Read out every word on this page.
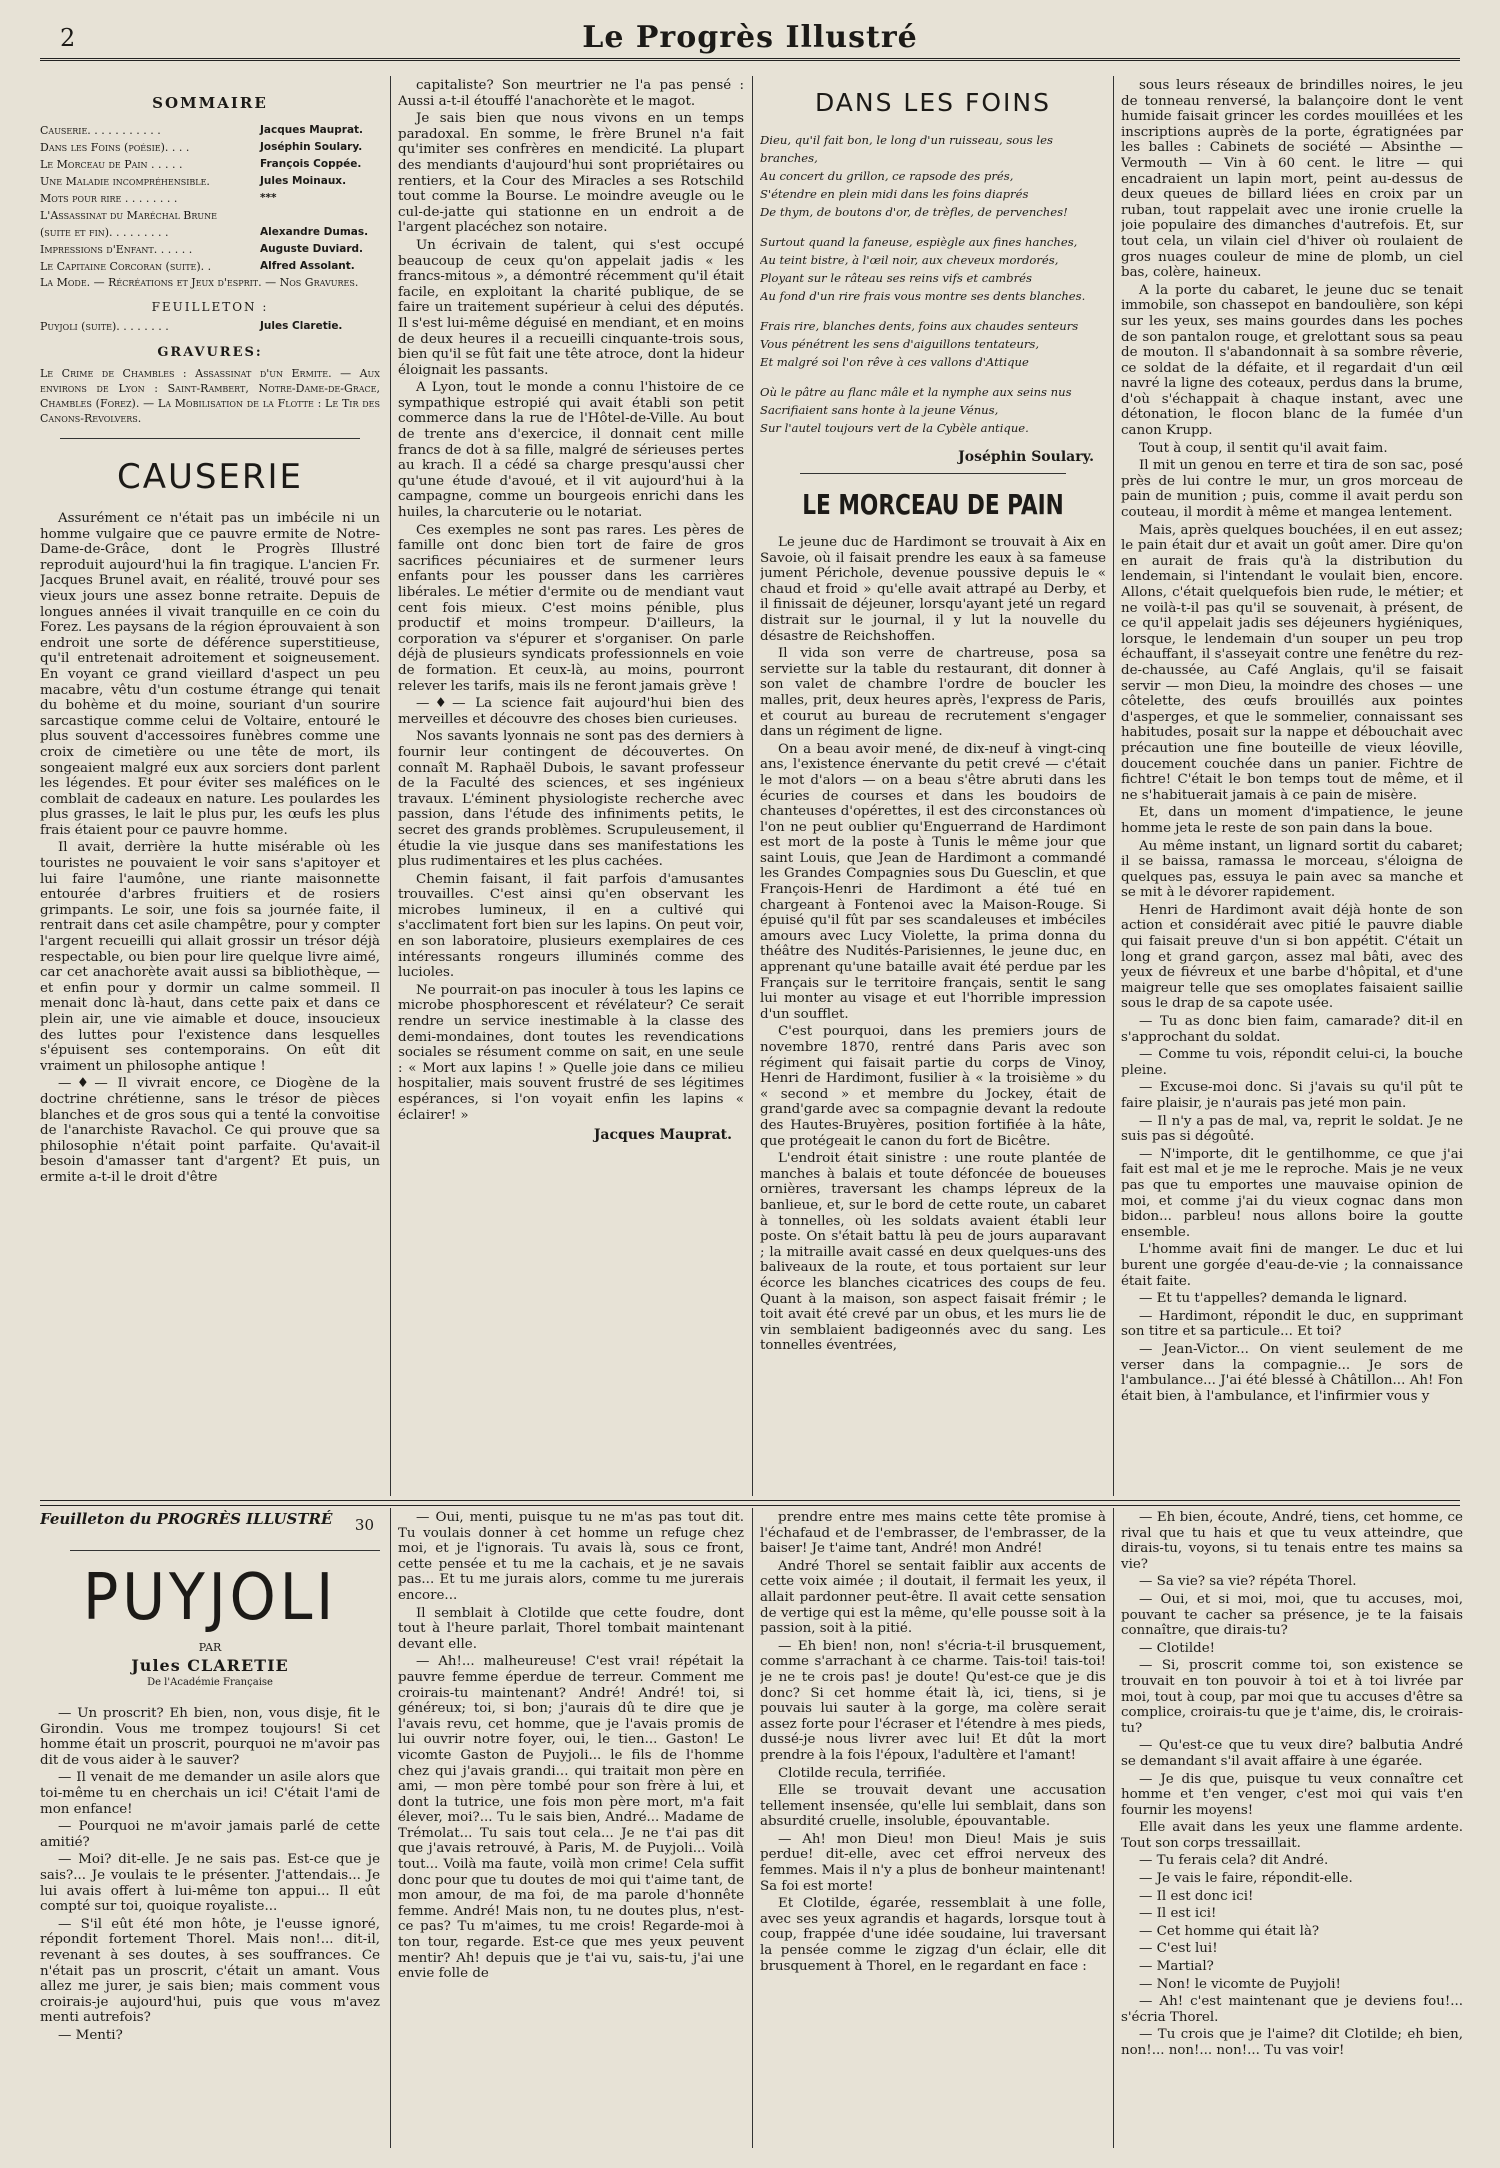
2	Le Progrès Illustré
SOMMAIRE
Causerie. . . . . . . . . . .	Jacques Mauprat.
Dans les Foins (poésie). . . .	Joséphin Soulary.
Le Morceau de Pain . . . . .	François Coppée.
Une Maladie incompréhensible.	Jules Moinaux.
Mots pour rire . . . . . . . .	***
L'Assassinat du Maréchal Brune
(suite et fin). . . . . . . . .	Alexandre Dumas.
Impressions d'Enfant. . . . . .	Auguste Duviard.
Le Capitaine Corcoran (suite). .	Alfred Assolant.
La Mode. — Récréations et Jeux d'esprit. — Nos Gravures.
FEUILLETON :
Puyjoli (suite). . . . . . . .	Jules Claretie.
GRAVURES:
Le Crime de Chambles : Assassinat d'un Ermite. — Aux environs de Lyon : Saint-Rambert, Notre-Dame-de-Grace, Chambles (Forez). — La Mobilisation de la Flotte : Le Tir des Canons-Revolvers.
CAUSERIE

Assurément ce n'était pas un imbécile ni un homme vulgaire que ce pauvre ermite de Notre-Dame-de-Grâce, dont le Progrès Illustré reproduit aujourd'hui la fin tragique. L'ancien Fr. Jacques Brunel avait, en réalité, trouvé pour ses vieux jours une assez bonne retraite. Depuis de longues années il vivait tranquille en ce coin du Forez. Les paysans de la région éprouvaient à son endroit une sorte de déférence superstitieuse, qu'il entretenait adroitement et soigneusement. En voyant ce grand vieillard d'aspect un peu macabre, vêtu d'un costume étrange qui tenait du bohème et du moine, souriant d'un sourire sarcastique comme celui de Voltaire, entouré le plus souvent d'accessoires funèbres comme une croix de cimetière ou une tête de mort, ils songeaient malgré eux aux sorciers dont parlent les légendes. Et pour éviter ses maléfices on le comblait de cadeaux en nature. Les poulardes les plus grasses, le lait le plus pur, les œufs les plus frais étaient pour ce pauvre homme.

Il avait, derrière la hutte misérable où les touristes ne pouvaient le voir sans s'apitoyer et lui faire l'aumône, une riante maisonnette entourée d'arbres fruitiers et de rosiers grimpants. Le soir, une fois sa journée faite, il rentrait dans cet asile champêtre, pour y compter l'argent recueilli qui allait grossir un trésor déjà respectable, ou bien pour lire quelque livre aimé, car cet anachorète avait aussi sa bibliothèque, — et enfin pour y dormir un calme sommeil. Il menait donc là-haut, dans cette paix et dans ce plein air, une vie aimable et douce, insoucieux des luttes pour l'existence dans lesquelles s'épuisent ses contemporains. On eût dit vraiment un philosophe antique !

—♦— Il vivrait encore, ce Diogène de la doctrine chrétienne, sans le trésor de pièces blanches et de gros sous qui a tenté la convoitise de l'anarchiste Ravachol. Ce qui prouve que sa philosophie n'était point parfaite. Qu'avait-il besoin d'amasser tant d'argent? Et puis, un ermite a-t-il le droit d'être

capitaliste? Son meurtrier ne l'a pas pensé : Aussi a-t-il étouffé l'anachorète et le magot.

Je sais bien que nous vivons en un temps paradoxal. En somme, le frère Brunel n'a fait qu'imiter ses confrères en mendicité. La plupart des mendiants d'aujourd'hui sont propriétaires ou rentiers, et la Cour des Miracles a ses Rotschild tout comme la Bourse. Le moindre aveugle ou le cul-de-jatte qui stationne en un endroit a de l'argent placéchez son notaire.

Un écrivain de talent, qui s'est occupé beaucoup de ceux qu'on appelait jadis « les francs-mitous », a démontré récemment qu'il était facile, en exploitant la charité publique, de se faire un traitement supérieur à celui des députés. Il s'est lui-même déguisé en mendiant, et en moins de deux heures il a recueilli cinquante-trois sous, bien qu'il se fût fait une tête atroce, dont la hideur éloignait les passants.

A Lyon, tout le monde a connu l'histoire de ce sympathique estropié qui avait établi son petit commerce dans la rue de l'Hôtel-de-Ville. Au bout de trente ans d'exercice, il donnait cent mille francs de dot à sa fille, malgré de sérieuses pertes au krach. Il a cédé sa charge presqu'aussi cher qu'une étude d'avoué, et il vit aujourd'hui à la campagne, comme un bourgeois enrichi dans les huiles, la charcuterie ou le notariat.

Ces exemples ne sont pas rares. Les pères de famille ont donc bien tort de faire de gros sacrifices pécuniaires et de surmener leurs enfants pour les pousser dans les carrières libérales. Le métier d'ermite ou de mendiant vaut cent fois mieux. C'est moins pénible, plus productif et moins trompeur. D'ailleurs, la corporation va s'épurer et s'organiser. On parle déjà de plusieurs syndicats professionnels en voie de formation. Et ceux-là, au moins, pourront relever les tarifs, mais ils ne feront jamais grève !

—♦— La science fait aujourd'hui bien des merveilles et découvre des choses bien curieuses.

Nos savants lyonnais ne sont pas des derniers à fournir leur contingent de découvertes. On connaît M. Raphaël Dubois, le savant professeur de la Faculté des sciences, et ses ingénieux travaux. L'éminent physiologiste recherche avec passion, dans l'étude des infiniments petits, le secret des grands problèmes. Scrupuleusement, il étudie la vie jusque dans ses manifestations les plus rudimentaires et les plus cachées.

Chemin faisant, il fait parfois d'amusantes trouvailles. C'est ainsi qu'en observant les microbes lumineux, il en a cultivé qui s'acclimatent fort bien sur les lapins. On peut voir, en son laboratoire, plusieurs exemplaires de ces intéressants rongeurs illuminés comme des lucioles.

Ne pourrait-on pas inoculer à tous les lapins ce microbe phosphorescent et révélateur? Ce serait rendre un service inestimable à la classe des demi-mondaines, dont toutes les revendications sociales se résument comme on sait, en une seule : « Mort aux lapins ! » Quelle joie dans ce milieu hospitalier, mais souvent frustré de ses légitimes espérances, si l'on voyait enfin les lapins « éclairer! »

Jacques Mauprat.
DANS LES FOINS
Dieu, qu'il fait bon, le long d'un ruisseau, sous les branches,
Au concert du grillon, ce rapsode des prés,
S'étendre en plein midi dans les foins diaprés
De thym, de boutons d'or, de trèfles, de pervenches!
Surtout quand la faneuse, espiègle aux fines hanches,
Au teint bistre, à l'œil noir, aux cheveux mordorés,
Ployant sur le râteau ses reins vifs et cambrés
Au fond d'un rire frais vous montre ses dents blanches.
Frais rire, blanches dents, foins aux chaudes senteurs
Vous pénétrent les sens d'aiguillons tentateurs,
Et malgré soi l'on rêve à ces vallons d'Attique
Où le pâtre au flanc mâle et la nymphe aux seins nus
Sacrifiaient sans honte à la jeune Vénus,
Sur l'autel toujours vert de la Cybèle antique.
Joséphin Soulary.
LE MORCEAU DE PAIN

Le jeune duc de Hardimont se trouvait à Aix en Savoie, où il faisait prendre les eaux à sa fameuse jument Périchole, devenue poussive depuis le « chaud et froid » qu'elle avait attrapé au Derby, et il finissait de déjeuner, lorsqu'ayant jeté un regard distrait sur le journal, il y lut la nouvelle du désastre de Reichshoffen.

Il vida son verre de chartreuse, posa sa serviette sur la table du restaurant, dit donner à son valet de chambre l'ordre de boucler les malles, prit, deux heures après, l'express de Paris, et courut au bureau de recrutement s'engager dans un régiment de ligne.

On a beau avoir mené, de dix-neuf à vingt-cinq ans, l'existence énervante du petit crevé — c'était le mot d'alors — on a beau s'être abruti dans les écuries de courses et dans les boudoirs de chanteuses d'opérettes, il est des circonstances où l'on ne peut oublier qu'Enguerrand de Hardimont est mort de la poste à Tunis le même jour que saint Louis, que Jean de Hardimont a commandé les Grandes Compagnies sous Du Guesclin, et que François-Henri de Hardimont a été tué en chargeant à Fontenoi avec la Maison-Rouge. Si épuisé qu'il fût par ses scandaleuses et imbéciles amours avec Lucy Violette, la prima donna du théâtre des Nudités-Parisiennes, le jeune duc, en apprenant qu'une bataille avait été perdue par les Français sur le territoire français, sentit le sang lui monter au visage et eut l'horrible impression d'un soufflet.

C'est pourquoi, dans les premiers jours de novembre 1870, rentré dans Paris avec son régiment qui faisait partie du corps de Vinoy, Henri de Hardimont, fusilier à « la troisième » du « second » et membre du Jockey, était de grand'garde avec sa compagnie devant la redoute des Hautes-Bruyères, position fortifiée à la hâte, que protégeait le canon du fort de Bicêtre.

L'endroit était sinistre : une route plantée de manches à balais et toute défoncée de boueuses ornières, traversant les champs lépreux de la banlieue, et, sur le bord de cette route, un cabaret à tonnelles, où les soldats avaient établi leur poste. On s'était battu là peu de jours auparavant ; la mitraille avait cassé en deux quelques-uns des baliveaux de la route, et tous portaient sur leur écorce les blanches cicatrices des coups de feu. Quant à la maison, son aspect faisait frémir ; le toit avait été crevé par un obus, et les murs lie de vin semblaient badigeonnés avec du sang. Les tonnelles éventrées,

sous leurs réseaux de brindilles noires, le jeu de tonneau renversé, la balançoire dont le vent humide faisait grincer les cordes mouillées et les inscriptions auprès de la porte, égratignées par les balles : Cabinets de société — Absinthe — Vermouth — Vin à 60 cent. le litre — qui encadraient un lapin mort, peint au-dessus de deux queues de billard liées en croix par un ruban, tout rappelait avec une ironie cruelle la joie populaire des dimanches d'autrefois. Et, sur tout cela, un vilain ciel d'hiver où roulaient de gros nuages couleur de mine de plomb, un ciel bas, colère, haineux.

A la porte du cabaret, le jeune duc se tenait immobile, son chassepot en bandoulière, son képi sur les yeux, ses mains gourdes dans les poches de son pantalon rouge, et grelottant sous sa peau de mouton. Il s'abandonnait à sa sombre rêverie, ce soldat de la défaite, et il regardait d'un œil navré la ligne des coteaux, perdus dans la brume, d'où s'échappait à chaque instant, avec une détonation, le flocon blanc de la fumée d'un canon Krupp.

Tout à coup, il sentit qu'il avait faim.

Il mit un genou en terre et tira de son sac, posé près de lui contre le mur, un gros morceau de pain de munition ; puis, comme il avait perdu son couteau, il mordit à même et mangea lentement.

Mais, après quelques bouchées, il en eut assez; le pain était dur et avait un goût amer. Dire qu'on en aurait de frais qu'à la distribution du lendemain, si l'intendant le voulait bien, encore. Allons, c'était quelquefois bien rude, le métier; et ne voilà-t-il pas qu'il se souvenait, à présent, de ce qu'il appelait jadis ses déjeuners hygiéniques, lorsque, le lendemain d'un souper un peu trop échauffant, il s'asseyait contre une fenêtre du rez-de-chaussée, au Café Anglais, qu'il se faisait servir — mon Dieu, la moindre des choses — une côtelette, des œufs brouillés aux pointes d'asperges, et que le sommelier, connaissant ses habitudes, posait sur la nappe et débouchait avec précaution une fine bouteille de vieux léoville, doucement couchée dans un panier. Fichtre de fichtre! C'était le bon temps tout de même, et il ne s'habituerait jamais à ce pain de misère.

Et, dans un moment d'impatience, le jeune homme jeta le reste de son pain dans la boue.

Au même instant, un lignard sortit du cabaret; il se baissa, ramassa le morceau, s'éloigna de quelques pas, essuya le pain avec sa manche et se mit à le dévorer rapidement.

Henri de Hardimont avait déjà honte de son action et considérait avec pitié le pauvre diable qui faisait preuve d'un si bon appétit. C'était un long et grand garçon, assez mal bâti, avec des yeux de fiévreux et une barbe d'hôpital, et d'une maigreur telle que ses omoplates faisaient saillie sous le drap de sa capote usée.

— Tu as donc bien faim, camarade? dit-il en s'approchant du soldat.

— Comme tu vois, répondit celui-ci, la bouche pleine.

— Excuse-moi donc. Si j'avais su qu'il pût te faire plaisir, je n'aurais pas jeté mon pain.

— Il n'y a pas de mal, va, reprit le soldat. Je ne suis pas si dégoûté.

— N'importe, dit le gentilhomme, ce que j'ai fait est mal et je me le reproche. Mais je ne veux pas que tu emportes une mauvaise opinion de moi, et comme j'ai du vieux cognac dans mon bidon... parbleu! nous allons boire la goutte ensemble.

L'homme avait fini de manger. Le duc et lui burent une gorgée d'eau-de-vie ; la connaissance était faite.

— Et tu t'appelles? demanda le lignard.

— Hardimont, répondit le duc, en supprimant son titre et sa particule... Et toi?

— Jean-Victor... On vient seulement de me verser dans la compagnie... Je sors de l'ambulance... J'ai été blessé à Châtillon... Ah! Fon était bien, à l'ambulance, et l'infirmier vous y

Feuilleton du PROGRÈS ILLUSTRÉ	30
PUYJOLI
PAR
Jules CLARETIE
De l'Académie Française

— Un proscrit? Eh bien, non, vous disje, fit le Girondin. Vous me trompez toujours! Si cet homme était un proscrit, pourquoi ne m'avoir pas dit de vous aider à le sauver?

— Il venait de me demander un asile alors que toi-même tu en cherchais un ici! C'était l'ami de mon enfance!

— Pourquoi ne m'avoir jamais parlé de cette amitié?

— Moi? dit-elle. Je ne sais pas. Est-ce que je sais?... Je voulais te le présenter. J'attendais... Je lui avais offert à lui-même ton appui... Il eût compté sur toi, quoique royaliste...

— S'il eût été mon hôte, je l'eusse ignoré, répondit fortement Thorel. Mais non!... dit-il, revenant à ses doutes, à ses souffrances. Ce n'était pas un proscrit, c'était un amant. Vous allez me jurer, je sais bien; mais comment vous croirais-je aujourd'hui, puis que vous m'avez menti autrefois?

— Menti?

— Oui, menti, puisque tu ne m'as pas tout dit. Tu voulais donner à cet homme un refuge chez moi, et je l'ignorais. Tu avais là, sous ce front, cette pensée et tu me la cachais, et je ne savais pas... Et tu me jurais alors, comme tu me jurerais encore...

Il semblait à Clotilde que cette foudre, dont tout à l'heure parlait, Thorel tombait maintenant devant elle.

— Ah!... malheureuse! C'est vrai! répétait la pauvre femme éperdue de terreur. Comment me croirais-tu maintenant? André! André! toi, si généreux; toi, si bon; j'aurais dû te dire que je l'avais revu, cet homme, que je l'avais promis de lui ouvrir notre foyer, oui, le tien... Gaston! Le vicomte Gaston de Puyjoli... le fils de l'homme chez qui j'avais grandi... qui traitait mon père en ami, — mon père tombé pour son frère à lui, et dont la tutrice, une fois mon père mort, m'a fait élever, moi?... Tu le sais bien, André... Madame de Trémolat... Tu sais tout cela... Je ne t'ai pas dit que j'avais retrouvé, à Paris, M. de Puyjoli... Voilà tout... Voilà ma faute, voilà mon crime! Cela suffit donc pour que tu doutes de moi qui t'aime tant, de mon amour, de ma foi, de ma parole d'honnête femme. André! Mais non, tu ne doutes plus, n'est-ce pas? Tu m'aimes, tu me crois! Regarde-moi à ton tour, regarde. Est-ce que mes yeux peuvent mentir? Ah! depuis que je t'ai vu, sais-tu, j'ai une envie folle de

prendre entre mes mains cette tête promise à l'échafaud et de l'embrasser, de l'embrasser, de la baiser! Je t'aime tant, André! mon André!

André Thorel se sentait faiblir aux accents de cette voix aimée ; il doutait, il fermait les yeux, il allait pardonner peut-être. Il avait cette sensation de vertige qui est la même, qu'elle pousse soit à la passion, soit à la pitié.

— Eh bien! non, non! s'écria-t-il brusquement, comme s'arrachant à ce charme. Tais-toi! tais-toi! je ne te crois pas! je doute! Qu'est-ce que je dis donc? Si cet homme était là, ici, tiens, si je pouvais lui sauter à la gorge, ma colère serait assez forte pour l'écraser et l'étendre à mes pieds, dussé-je nous livrer avec lui! Et dût la mort prendre à la fois l'époux, l'adultère et l'amant!

Clotilde recula, terrifiée.

Elle se trouvait devant une accusation tellement insensée, qu'elle lui semblait, dans son absurdité cruelle, insoluble, épouvantable.

— Ah! mon Dieu! mon Dieu! Mais je suis perdue! dit-elle, avec cet effroi nerveux des femmes. Mais il n'y a plus de bonheur maintenant! Sa foi est morte!

Et Clotilde, égarée, ressemblait à une folle, avec ses yeux agrandis et hagards, lorsque tout à coup, frappée d'une idée soudaine, lui traversant la pensée comme le zigzag d'un éclair, elle dit brusquement à Thorel, en le regardant en face :

— Eh bien, écoute, André, tiens, cet homme, ce rival que tu hais et que tu veux atteindre, que dirais-tu, voyons, si tu tenais entre tes mains sa vie?

— Sa vie? sa vie? répéta Thorel.

— Oui, et si moi, moi, que tu accuses, moi, pouvant te cacher sa présence, je te la faisais connaître, que dirais-tu?

— Clotilde!

— Si, proscrit comme toi, son existence se trouvait en ton pouvoir à toi et à toi livrée par moi, tout à coup, par moi que tu accuses d'être sa complice, croirais-tu que je t'aime, dis, le croirais-tu?

— Qu'est-ce que tu veux dire? balbutia André se demandant s'il avait affaire à une égarée.

— Je dis que, puisque tu veux connaître cet homme et t'en venger, c'est moi qui vais t'en fournir les moyens!

Elle avait dans les yeux une flamme ardente. Tout son corps tressaillait.

— Tu ferais cela? dit André.

— Je vais le faire, répondit-elle.

— Il est donc ici!

— Il est ici!

— Cet homme qui était là?

— C'est lui!

— Martial?

— Non! le vicomte de Puyjoli!

— Ah! c'est maintenant que je deviens fou!... s'écria Thorel.

— Tu crois que je l'aime? dit Clotilde; eh bien, non!... non!... non!... Tu vas voir!
